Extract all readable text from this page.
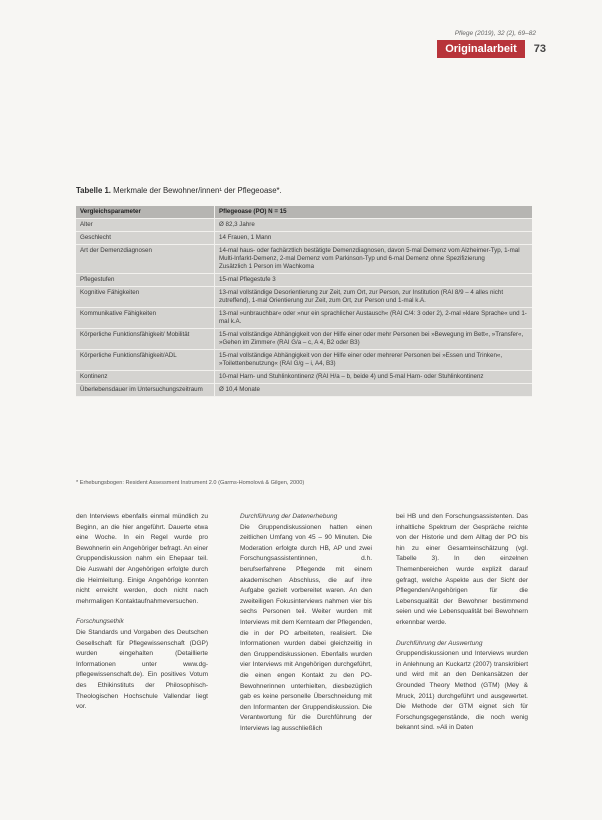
Pflege (2019), 32 (2), 69–82
Originalarbeit	73
Tabelle 1. Merkmale der Bewohner/innen¹ der Pflegeoase*.
Vergleichsparameter	Pflegeoase (PO) N = 15
Alter	Ø 82,3 Jahre
Geschlecht	14 Frauen, 1 Mann
Art der Demenzdiagnosen	14-mal haus- oder fachärztlich bestätigte Demenzdiagnosen, davon 5-mal Demenz vom Alzheimer-Typ, 1-mal Multi-Infarkt-Demenz, 2-mal Demenz vom Parkinson-Typ und 6-mal Demenz ohne Spezifizierung
Zusätzlich 1 Person im Wachkoma
Pflegestufen	15-mal Pflegestufe 3
Kognitive Fähigkeiten	13-mal vollständige Desorientierung zur Zeit, zum Ort, zur Person, zur Institution (RAI 8/9 – 4 alles nicht zutreffend), 1-mal Orientierung zur Zeit, zum Ort, zur Person und 1-mal k.A.
Kommunikative Fähigkeiten	13-mal »unbrauchbar« oder »nur ein sprachlicher Austausch« (RAI C/4: 3 oder 2), 2-mal »klare Sprache« und 1-mal k.A.
Körperliche Funktionsfähigkeit/ Mobilität	15-mal vollständige Abhängigkeit von der Hilfe einer oder mehr Personen bei »Bewegung im Bett«, »Transfer«, »Gehen im Zimmer« (RAI G/a – c, A 4, B2 oder B3)
Körperliche Funktionsfähigkeit/ADL	15-mal vollständige Abhängigkeit von der Hilfe einer oder mehrerer Personen bei »Essen und Trinken«, »Toilettenbenutzung« (RAI G/g – i, A4, B3)
Kontinenz	10-mal Harn- und Stuhlinkontinenz (RAI H/a – b, beide 4) und 5-mal Harn- oder Stuhlinkontinenz
Überlebensdauer im Untersuchungszeitraum	Ø 10,4 Monate
* Erhebungsbogen: Resident Assessment Instrument 2.0 (Garms-Homolová & Gilgen, 2000)

den Interviews ebenfalls einmal mündlich zu Beginn, an die hier angeführt. Dauerte etwa eine Woche. In ein Regel wurde pro Bewohnerin ein Angehöriger befragt. An einer Gruppendiskussion nahm ein Ehepaar teil. Die Auswahl der Angehörigen erfolgte durch die Heimleitung. Einige Angehörige konnten nicht erreicht werden, doch nicht nach mehrmaligen Kontaktaufnahmeversuchen.

Forschungsethik

Die Standards und Vorgaben des Deutschen Gesellschaft für Pflegewissenschaft (DGP) wurden eingehalten (Detaillierte Informationen unter www.dg-pflegewissenschaft.de). Ein positives Votum des Ethikinstituts der Philosophisch-Theologischen Hochschule Vallendar liegt vor.

Durchführung der Datenerhebung

Die Gruppendiskussionen hatten einen zeitlichen Umfang von 45 – 90 Minuten. Die Moderation erfolgte durch HB, AP und zwei Forschungsassistentinnen, d.h. berufserfahrene Pflegende mit einem akademischen Abschluss, die auf ihre Aufgabe gezielt vorbereitet waren. An den zweiteiligen Fokusinterviews nahmen vier bis sechs Personen teil. Weiter wurden mit Interviews mit dem Kernteam der Pflegenden, die in der PO arbeiteten, realisiert. Die Informationen wurden dabei gleichzeitig in den Gruppendiskussionen. Ebenfalls wurden vier Interviews mit Angehörigen durchgeführt, die einen engen Kontakt zu den PO-Bewohnerinnen unterhielten, diesbezüglich gab es keine personelle Überschneidung mit den Informanten der Gruppendiskussion. Die Verantwortung für die Durchführung der Interviews lag ausschließlich

bei HB und den Forschungsassistenten. Das inhaltliche Spektrum der Gespräche reichte von der Historie und dem Alltag der PO bis hin zu einer Gesamteinschätzung (vgl. Tabelle 3). In den einzelnen Themenbereichen wurde explizit darauf gefragt, welche Aspekte aus der Sicht der Pflegenden/Angehörigen für die Lebensqualität der Bewohner bestimmend seien und wie Lebensqualität bei Bewohnern erkennbar werde.

Durchführung der Auswertung

Gruppendiskussionen und Interviews wurden in Anlehnung an Kuckartz (2007) transkribiert und wird mit an den Denkansätzen der Grounded Theory Method (GTM) (Mey & Mruck, 2011) durchgeführt und ausgewertet. Die Methode der GTM eignet sich für Forschungsgegenstände, die noch wenig bekannt sind. »Ali in Daten
